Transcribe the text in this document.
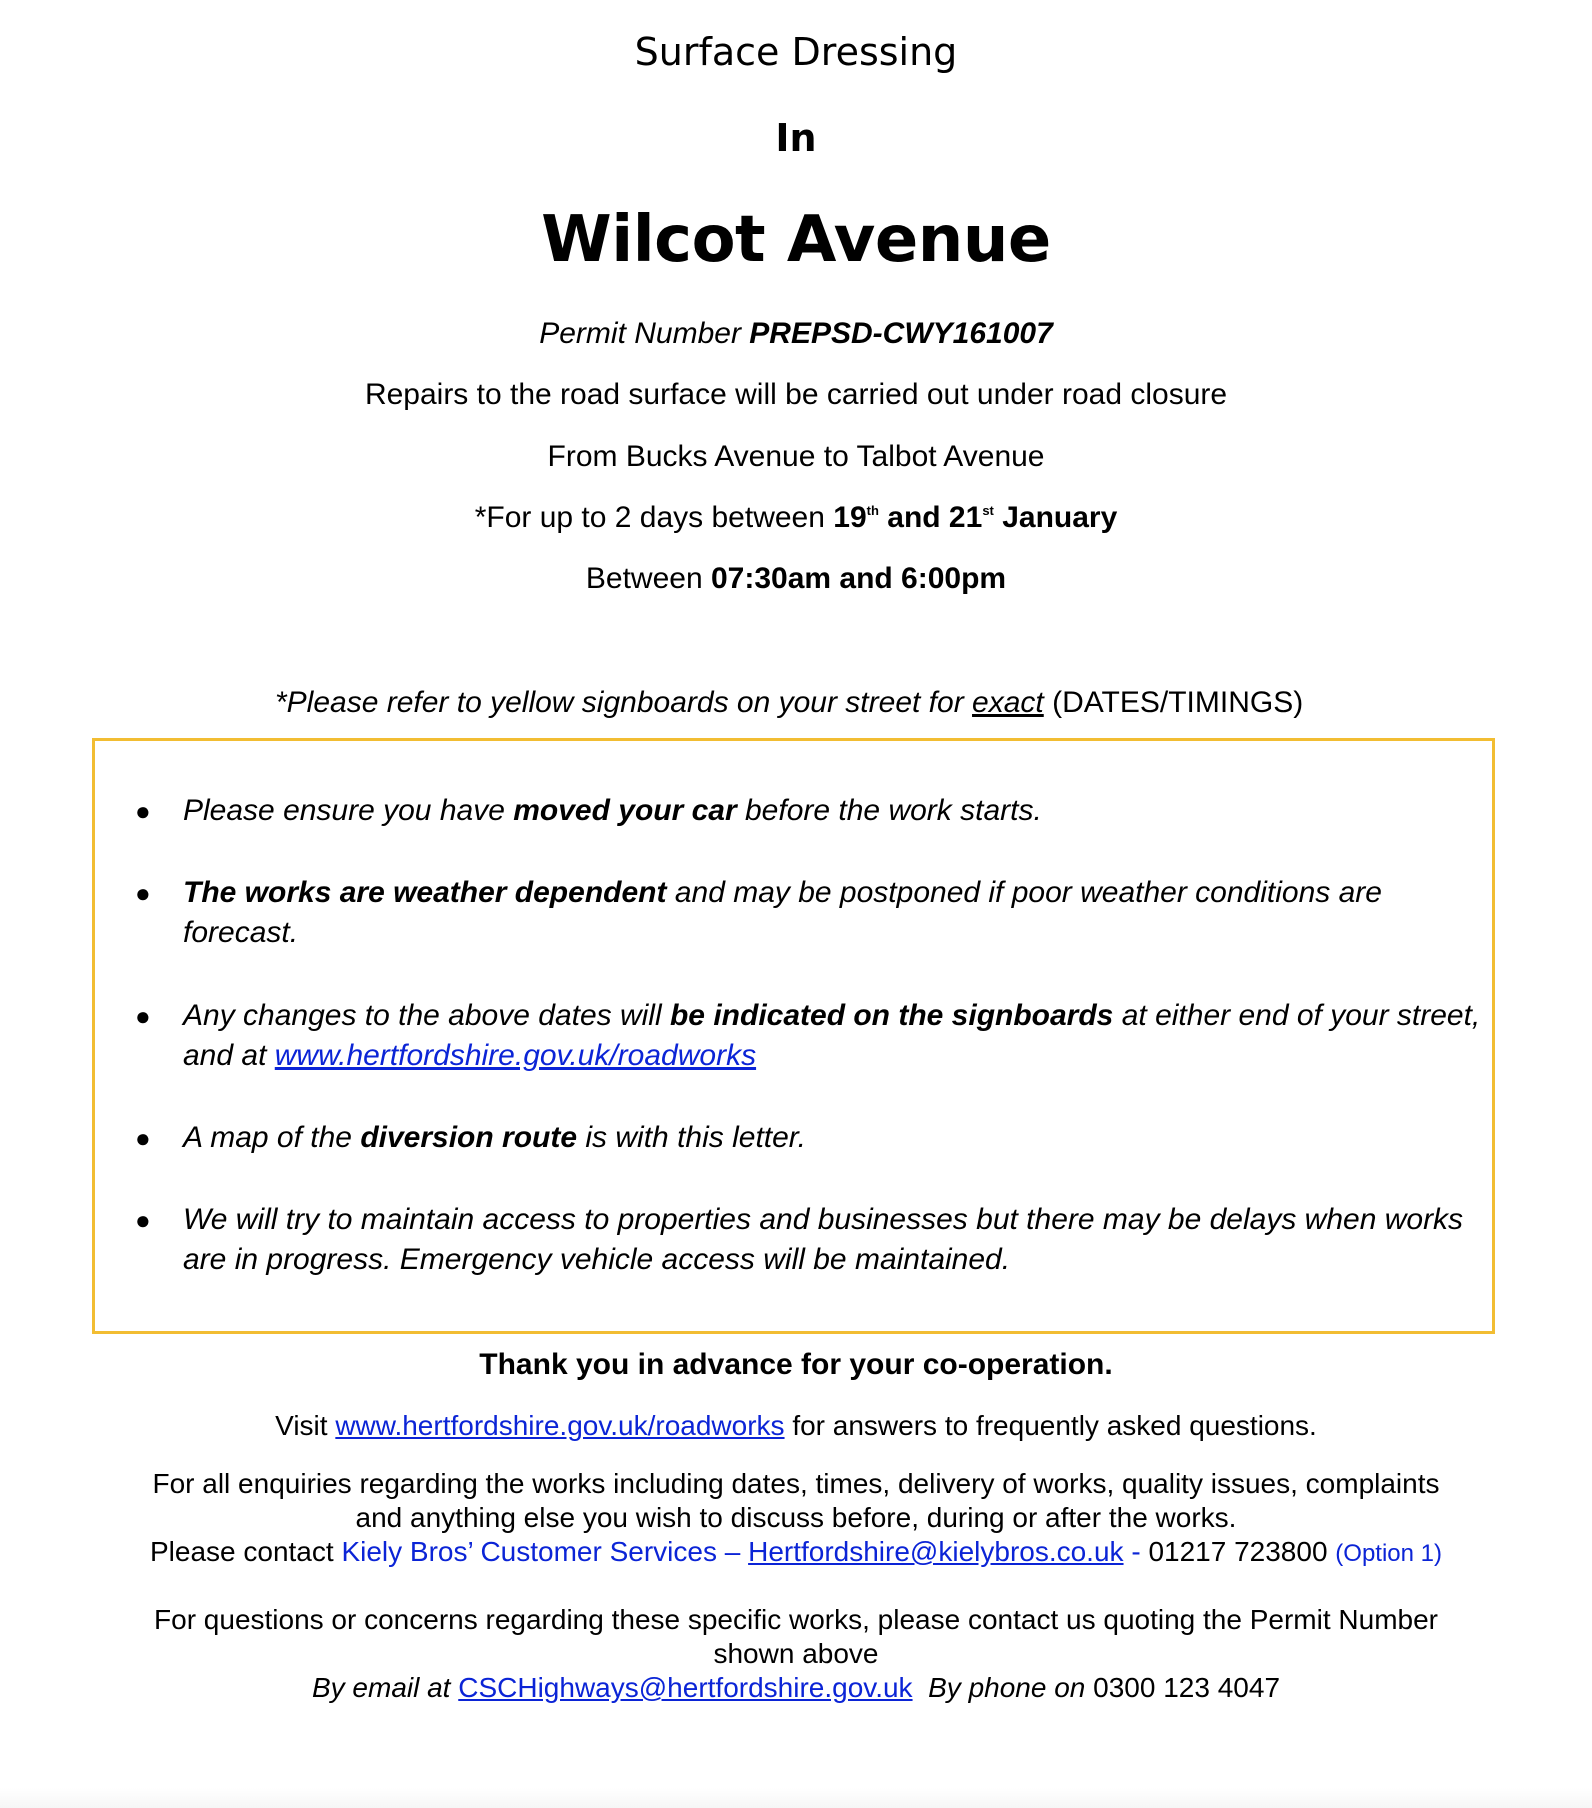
Surface Dressing
In
Wilcot Avenue
Permit Number PREPSD-CWY161007
Repairs to the road surface will be carried out under road closure
From Bucks Avenue to Talbot Avenue
*For up to 2 days between 19th and 21st January
Between 07:30am and 6:00pm
*Please refer to yellow signboards on your street for exact (DATES/TIMINGS)
● Please ensure you have moved your car before the work starts.
● The works are weather dependent and may be postponed if poor weather conditions are forecast.
● Any changes to the above dates will be indicated on the signboards at either end of your street, and at www.hertfordshire.gov.uk/roadworks
● A map of the diversion route is with this letter.
● We will try to maintain access to properties and businesses but there may be delays when works are in progress. Emergency vehicle access will be maintained.
Thank you in advance for your co-operation.
Visit www.hertfordshire.gov.uk/roadworks for answers to frequently asked questions.
For all enquiries regarding the works including dates, times, delivery of works, quality issues, complaints
and anything else you wish to discuss before, during or after the works.
Please contact Kiely Bros’ Customer Services – Hertfordshire@kielybros.co.uk - 01217 723800 (Option 1)
For questions or concerns regarding these specific works, please contact us quoting the Permit Number
shown above
By email at CSCHighways@hertfordshire.gov.uk By phone on 0300 123 4047
